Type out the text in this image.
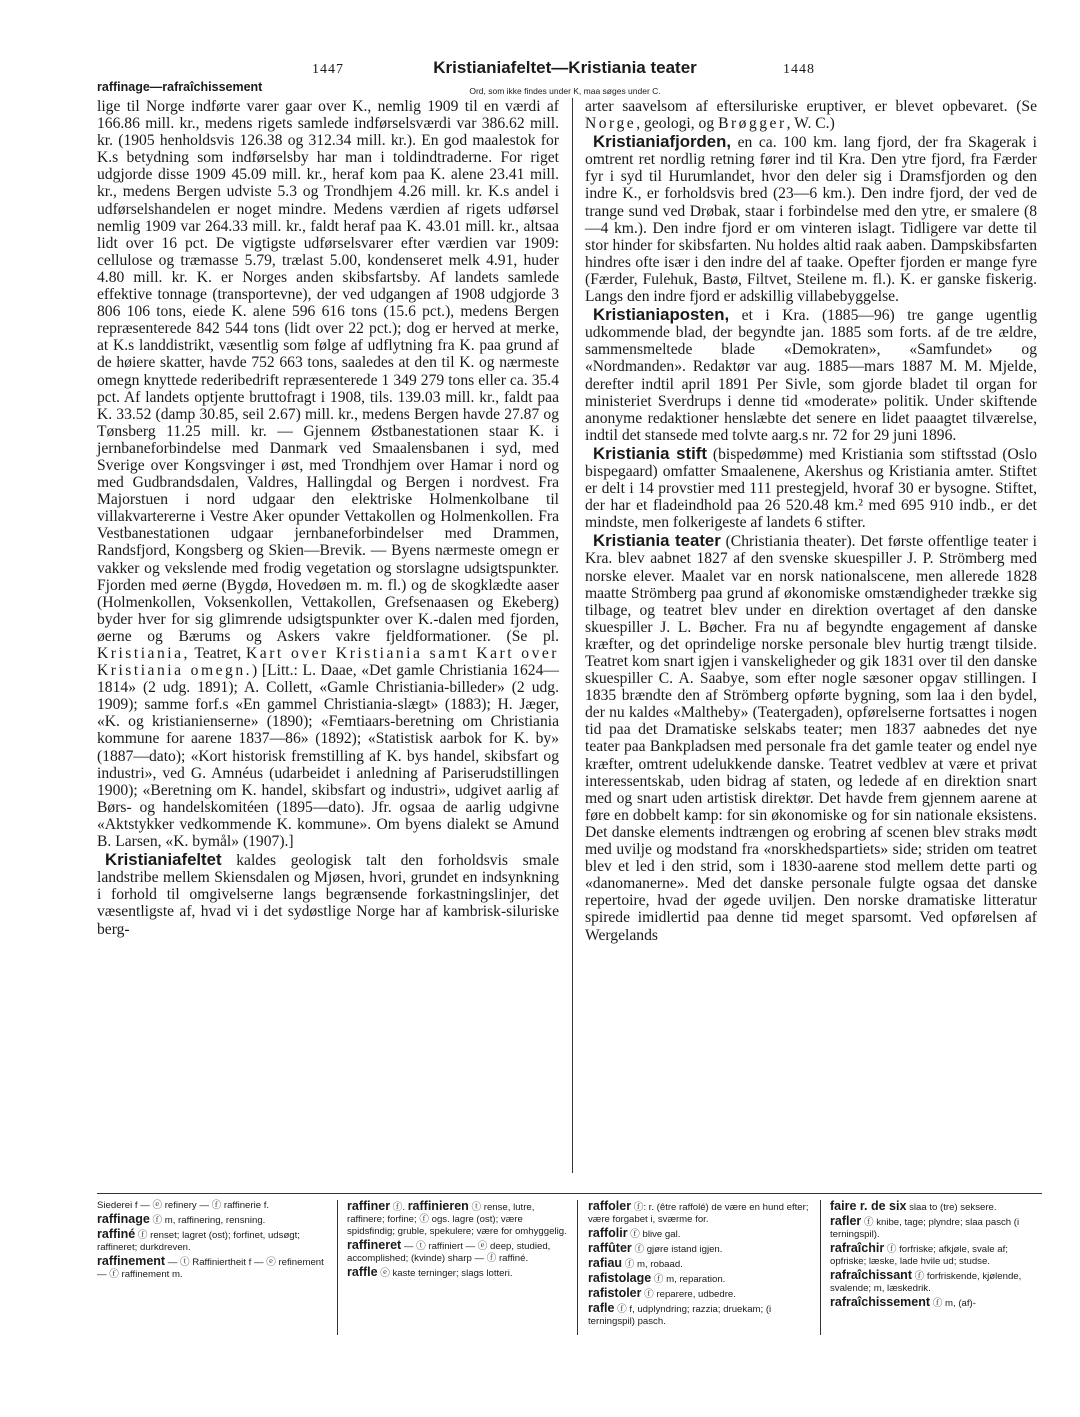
1447	Kristianiafeltet—Kristiania teater	1448
raffinage—rafraîchissement	Ord, som ikke findes under K, maa søges under C.

lige til Norge indførte varer gaar over K., nemlig 1909 til en værdi af 166.86 mill. kr., medens rigets samlede indførselsværdi var 386.62 mill. kr. (1905 henholdsvis 126.38 og 312.34 mill. kr.). En god maalestok for K.s betydning som indførselsby har man i toldindtraderne. For riget udgjorde disse 1909 45.09 mill. kr., heraf kom paa K. alene 23.41 mill. kr., medens Bergen udviste 5.3 og Trondhjem 4.26 mill. kr. K.s andel i udførselshandelen er noget mindre. Medens værdien af rigets udførsel nemlig 1909 var 264.33 mill. kr., faldt heraf paa K. 43.01 mill. kr., altsaa lidt over 16 pct. De vigtigste udførselsvarer efter værdien var 1909: cellulose og træmasse 5.79, trælast 5.00, kondenseret melk 4.91, huder 4.80 mill. kr. K. er Norges anden skibsfartsby. Af landets samlede effektive tonnage (transportevne), der ved udgangen af 1908 udgjorde 3 806 106 tons, eiede K. alene 596 616 tons (15.6 pct.), medens Bergen repræsenterede 842 544 tons (lidt over 22 pct.); dog er herved at merke, at K.s landdistrikt, væsentlig som følge af udflytning fra K. paa grund af de høiere skatter, havde 752 663 tons, saaledes at den til K. og nærmeste omegn knyttede rederibedrift repræsenterede 1 349 279 tons eller ca. 35.4 pct. Af landets optjente bruttofragt i 1908, tils. 139.03 mill. kr., faldt paa K. 33.52 (damp 30.85, seil 2.67) mill. kr., medens Bergen havde 27.87 og Tønsberg 11.25 mill. kr. — Gjennem Østbanestationen staar K. i jernbaneforbindelse med Danmark ved Smaalensbanen i syd, med Sverige over Kongsvinger i øst, med Trondhjem over Hamar i nord og med Gudbrandsdalen, Valdres, Hallingdal og Bergen i nordvest. Fra Majorstuen i nord udgaar den elektriske Holmenkolbane til villakvartererne i Vestre Aker opunder Vettakollen og Holmenkollen. Fra Vestbanestationen udgaar jernbaneforbindelser med Drammen, Randsfjord, Kongsberg og Skien—Brevik. — Byens nærmeste omegn er vakker og vekslende med frodig vegetation og storslagne udsigtspunkter. Fjorden med øerne (Bygdø, Hovedøen m. m. fl.) og de skogklædte aaser (Holmenkollen, Voksenkollen, Vettakollen, Grefsenaasen og Ekeberg) byder hver for sig glimrende udsigtspunkter over K.-dalen med fjorden, øerne og Bærums og Askers vakre fjeldformationer. (Se pl. Kristiania, Teatret, Kart over Kristiania samt Kart over Kristiania omegn.) [Litt.: L. Daae, «Det gamle Christiania 1624—1814» (2 udg. 1891); A. Collett, «Gamle Christiania-billeder» (2 udg. 1909); samme forf.s «En gammel Christiania-slægt» (1883); H. Jæger, «K. og kristianienserne» (1890); «Femtiaars-beretning om Christiania kommune for aarene 1837—86» (1892); «Statistisk aarbok for K. by» (1887—dato); «Kort historisk fremstilling af K. bys handel, skibsfart og industri», ved G. Amnéus (udarbeidet i anledning af Pariserudstillingen 1900); «Beretning om K. handel, skibsfart og industri», udgivet aarlig af Børs- og handelskomitéen (1895—dato). Jfr. ogsaa de aarlig udgivne «Aktstykker vedkommende K. kommune». Om byens dialekt se Amund B. Larsen, «K. bymål» (1907).]

Kristianiafeltet kaldes geologisk talt den forholdsvis smale landstribe mellem Skiensdalen og Mjøsen, hvori, grundet en indsynkning i forhold til omgivelserne langs begrænsende forkastningslinjer, det væsentligste af, hvad vi i det sydøstlige Norge har af kambrisk-siluriske berg-

arter saavelsom af eftersiluriske eruptiver, er blevet opbevaret. (Se Norge, geologi, og Brøgger, W. C.)

Kristianiafjorden, en ca. 100 km. lang fjord, der fra Skagerak i omtrent ret nordlig retning fører ind til Kra. Den ytre fjord, fra Færder fyr i syd til Hurumlandet, hvor den deler sig i Dramsfjorden og den indre K., er forholdsvis bred (23—6 km.). Den indre fjord, der ved de trange sund ved Drøbak, staar i forbindelse med den ytre, er smalere (8—4 km.). Den indre fjord er om vinteren islagt. Tidligere var dette til stor hinder for skibsfarten. Nu holdes altid raak aaben. Dampskibsfarten hindres ofte især i den indre del af taake. Opefter fjorden er mange fyre (Færder, Fulehuk, Bastø, Filtvet, Steilene m. fl.). K. er ganske fiskerig. Langs den indre fjord er adskillig villabebyggelse.

Kristianiaposten, et i Kra. (1885—96) tre gange ugentlig udkommende blad, der begyndte jan. 1885 som forts. af de tre ældre, sammensmeltede blade «Demokraten», «Samfundet» og «Nordmanden». Redaktør var aug. 1885—mars 1887 M. M. Mjelde, derefter indtil april 1891 Per Sivle, som gjorde bladet til organ for ministeriet Sverdrups i denne tid «moderate» politik. Under skiftende anonyme redaktioner henslæbte det senere en lidet paaagtet tilværelse, indtil det stansede med tolvte aarg.s nr. 72 for 29 juni 1896.

Kristiania stift (bispedømme) med Kristiania som stiftsstad (Oslo bispegaard) omfatter Smaalenene, Akershus og Kristiania amter. Stiftet er delt i 14 provstier med 111 prestegjeld, hvoraf 30 er bysogne. Stiftet, der har et fladeindhold paa 26 520.48 km.² med 695 910 indb., er det mindste, men folkerigeste af landets 6 stifter.

Kristiania teater (Christiania theater). Det første offentlige teater i Kra. blev aabnet 1827 af den svenske skuespiller J. P. Strömberg med norske elever. Maalet var en norsk nationalscene, men allerede 1828 maatte Strömberg paa grund af økonomiske omstændigheder trække sig tilbage, og teatret blev under en direktion overtaget af den danske skuespiller J. L. Bøcher. Fra nu af begyndte engagement af danske kræfter, og det oprindelige norske personale blev hurtig trængt tilside. Teatret kom snart igjen i vanskeligheder og gik 1831 over til den danske skuespiller C. A. Saabye, som efter nogle sæsoner opgav stillingen. I 1835 brændte den af Strömberg opførte bygning, som laa i den bydel, der nu kaldes «Maltheby» (Teatergaden), opførelserne fortsattes i nogen tid paa det Dramatiske selskabs teater; men 1837 aabnedes det nye teater paa Bankpladsen med personale fra det gamle teater og endel nye kræfter, omtrent udelukkende danske. Teatret vedblev at være et privat interessentskab, uden bidrag af staten, og ledede af en direktion snart med og snart uden artistisk direktør. Det havde frem gjennem aarene at føre en dobbelt kamp: for sin økonomiske og for sin nationale eksistens. Det danske elements indtrængen og erobring af scenen blev straks mødt med uvilje og modstand fra «norskhedspartiets» side; striden om teatret blev et led i den strid, som i 1830-aarene stod mellem dette parti og «danomanerne». Med det danske personale fulgte ogsaa det danske repertoire, hvad der øgede uviljen. Den norske dramatiske litteratur spirede imidlertid paa denne tid meget sparsomt. Ved opførelsen af Wergelands

Siederei f — ⓔ refinery — ⓕ raffinerie f.

raffinage ⓕ m, raffinering, rensning.

raffiné ⓕ renset; lagret (ost); forfinet, udsøgt; raffineret; durkdreven.

raffinement — ⓣ Raffiniertheit f — ⓔ refinement — ⓕ raffinement m.

raffiner ⓕ. raffinieren ⓣ rense, lutre, raffinere; forfine; ⓕ ogs. lagre (ost); være spidsfindig; gruble, spekulere; være for omhyggelig.

raffineret — ⓣ raffiniert — ⓔ deep, studied, accomplished; (kvinde) sharp — ⓕ raffiné.

raffle ⓔ kaste terninger; slags lotteri.

raffoler ⓕ: r. (être raffolé) de være en hund efter; være forgabet i, sværme for.

raffolir ⓕ blive gal.

raffûter ⓕ gjøre istand igjen.

rafiau ⓕ m, robaad.

rafistolage ⓕ m, reparation.

rafistoler ⓕ reparere, udbedre.

rafle ⓕ f, udplyndring; razzia; druekam; (i terningspil) pasch.

faire r. de six slaa to (tre) seksere.

rafler ⓕ knibe, tage; plyndre; slaa pasch (i terningspil).

rafraîchir ⓕ forfriske; afkjøle, svale af; opfriske; læske, lade hvile ud; studse.

rafraîchissant ⓕ forfriskende, kjølende, svalende; m, læskedrik.

rafraîchissement ⓕ m, (af)-
